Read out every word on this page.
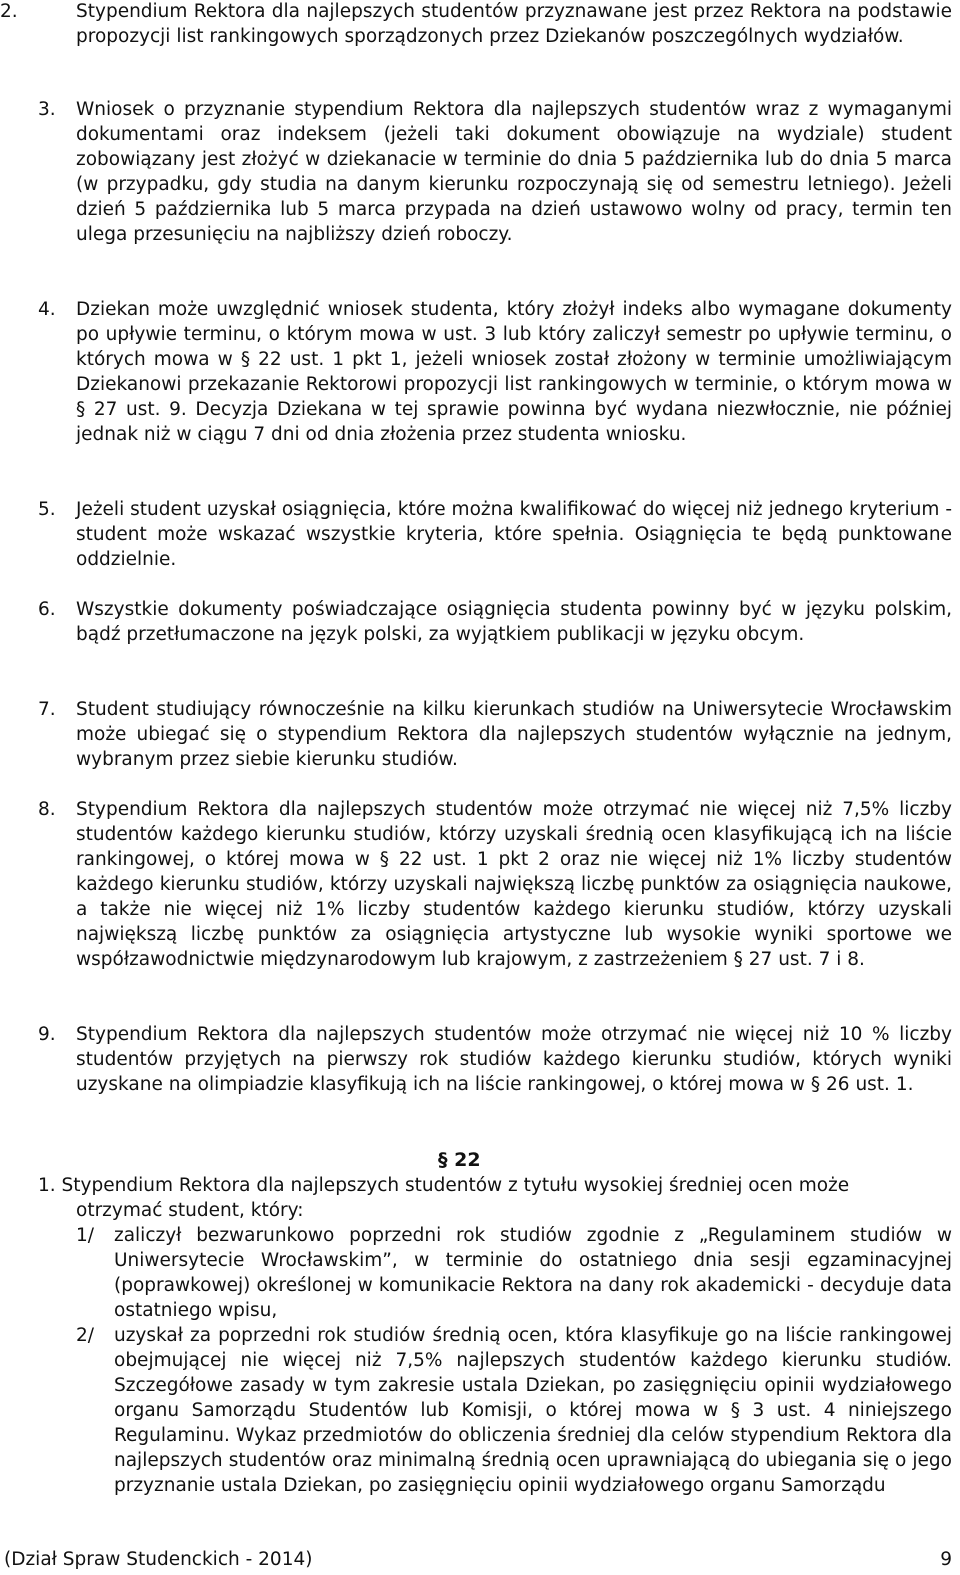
2.	Stypendium Rektora dla najlepszych studentów przyznawane jest przez Rektora na podstawie propozycji list rankingowych sporządzonych przez Dziekanów poszczególnych wydziałów.
3.	Wniosek o przyznanie stypendium Rektora dla najlepszych studentów wraz z wymaganymi dokumentami oraz indeksem (jeżeli taki dokument obowiązuje na wydziale) student zobowiązany jest złożyć w dziekanacie w terminie do dnia 5 października lub do dnia 5 marca (w przypadku, gdy studia na danym kierunku rozpoczynają się od semestru letniego). Jeżeli dzień 5 października lub 5 marca przypada na dzień ustawowo wolny od pracy, termin ten ulega przesunięciu na najbliższy dzień roboczy.
4.	Dziekan może uwzględnić wniosek studenta, który złożył indeks albo wymagane dokumenty po upływie terminu, o którym mowa w ust. 3 lub który zaliczył semestr po upływie terminu, o których mowa w § 22 ust. 1 pkt 1, jeżeli wniosek został złożony w terminie umożliwiającym Dziekanowi przekazanie Rektorowi propozycji list rankingowych w terminie, o którym mowa w § 27 ust. 9. Decyzja Dziekana w tej sprawie powinna być wydana niezwłocznie, nie później jednak niż w ciągu 7 dni od dnia złożenia przez studenta wniosku.
5.	Jeżeli student uzyskał osiągnięcia, które można kwalifikować do więcej niż jednego kryterium - student może wskazać wszystkie kryteria, które spełnia. Osiągnięcia te będą punktowane oddzielnie.
6.	Wszystkie dokumenty poświadczające osiągnięcia studenta powinny być w języku polskim, bądź przetłumaczone na język polski, za wyjątkiem publikacji w języku obcym.
7.	Student studiujący równocześnie na kilku kierunkach studiów na Uniwersytecie Wrocławskim może ubiegać się o stypendium Rektora dla najlepszych studentów wyłącznie na jednym, wybranym przez siebie kierunku studiów.
8.	Stypendium Rektora dla najlepszych studentów może otrzymać nie więcej niż 7,5% liczby studentów każdego kierunku studiów, którzy uzyskali średnią ocen klasyfikującą ich na liście rankingowej, o której mowa w § 22 ust. 1 pkt 2 oraz nie więcej niż 1% liczby studentów każdego kierunku studiów, którzy uzyskali największą liczbę punktów za osiągnięcia naukowe, a także nie więcej niż 1% liczby studentów każdego kierunku studiów, którzy uzyskali największą liczbę punktów za osiągnięcia artystyczne lub wysokie wyniki sportowe we współzawodnictwie międzynarodowym lub krajowym, z zastrzeżeniem § 27 ust. 7 i 8.
9.	Stypendium Rektora dla najlepszych studentów może otrzymać nie więcej niż 10 % liczby studentów przyjętych na pierwszy rok studiów każdego kierunku studiów, których wyniki uzyskane na olimpiadzie klasyfikują ich na liście rankingowej, o której mowa w § 26 ust. 1.
§ 22
1. Stypendium Rektora dla najlepszych studentów z tytułu wysokiej średniej ocen może
otrzymać student, który:
1/	zaliczył bezwarunkowo poprzedni rok studiów zgodnie z „Regulaminem studiów w Uniwersytecie Wrocławskim”, w terminie do ostatniego dnia sesji egzaminacyjnej (poprawkowej) określonej w komunikacie Rektora na dany rok akademicki - decyduje data ostatniego wpisu,
2/	uzyskał za poprzedni rok studiów średnią ocen, która klasyfikuje go na liście rankingowej obejmującej nie więcej niż 7,5% najlepszych studentów każdego kierunku studiów. Szczegółowe zasady w tym zakresie ustala Dziekan, po zasięgnięciu opinii wydziałowego organu Samorządu Studentów lub Komisji, o której mowa w § 3 ust. 4 niniejszego Regulaminu. Wykaz przedmiotów do obliczenia średniej dla celów stypendium Rektora dla najlepszych studentów oraz minimalną średnią ocen uprawniającą do ubiegania się o jego przyznanie ustala Dziekan, po zasięgnięciu opinii wydziałowego organu Samorządu
(Dział Spraw Studenckich - 2014)	9
